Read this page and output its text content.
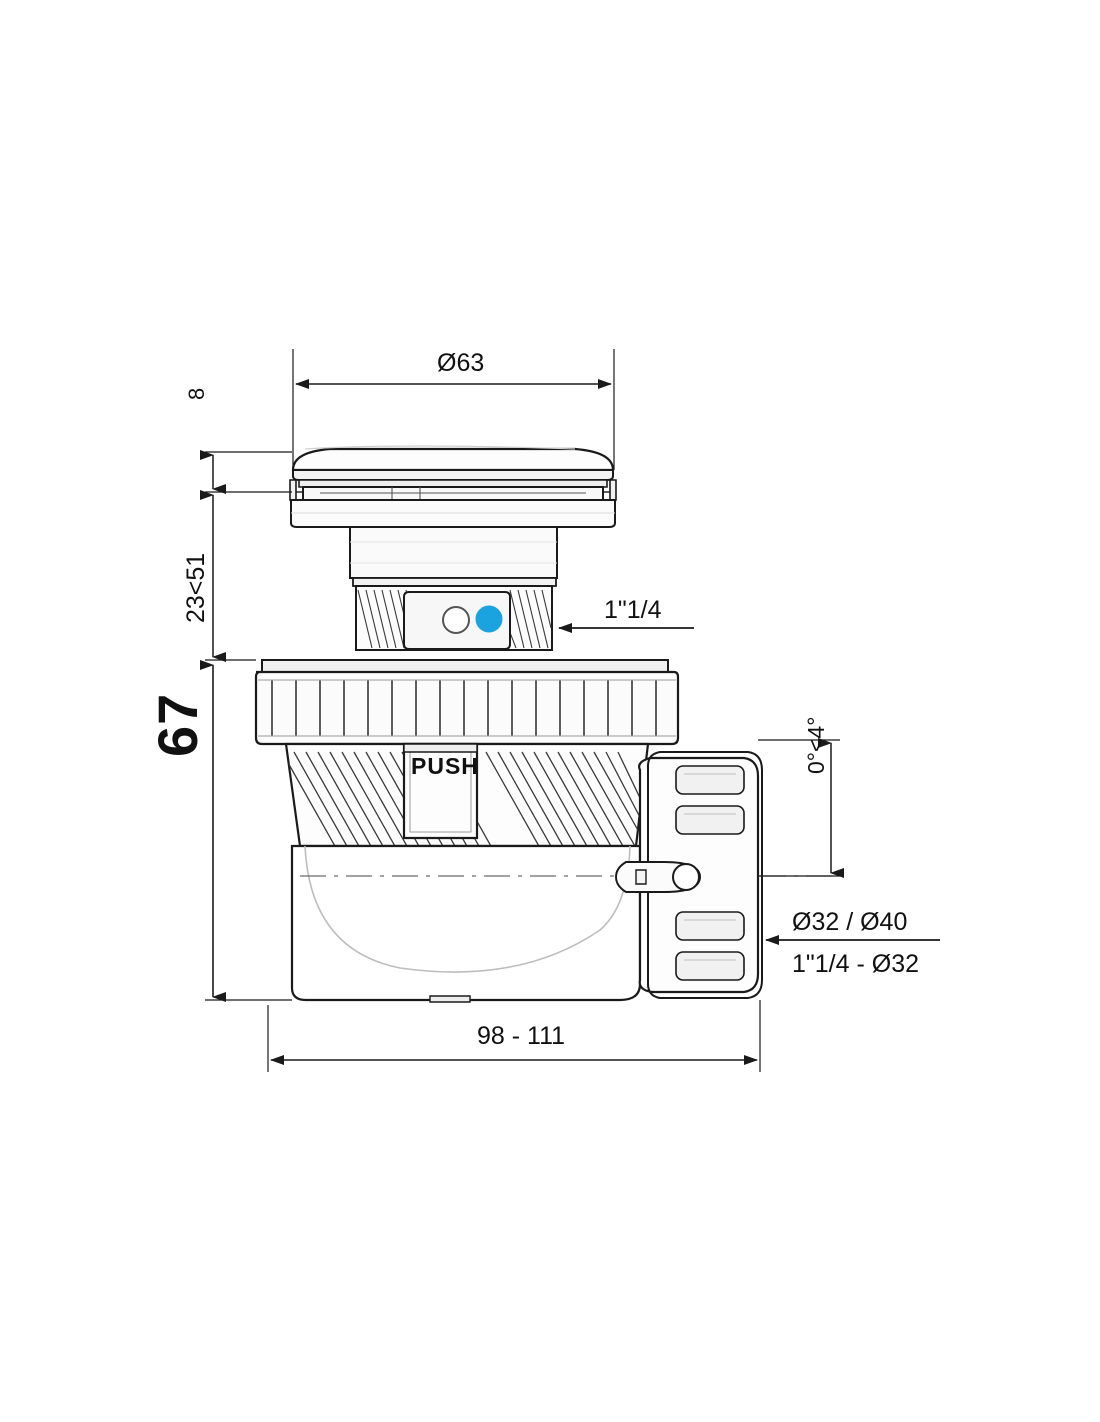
Ø63
8
23<51
67
1"1/4
0°<4°
Ø32 / Ø40
1"1/4 - Ø32
98 - 111
PUSH
